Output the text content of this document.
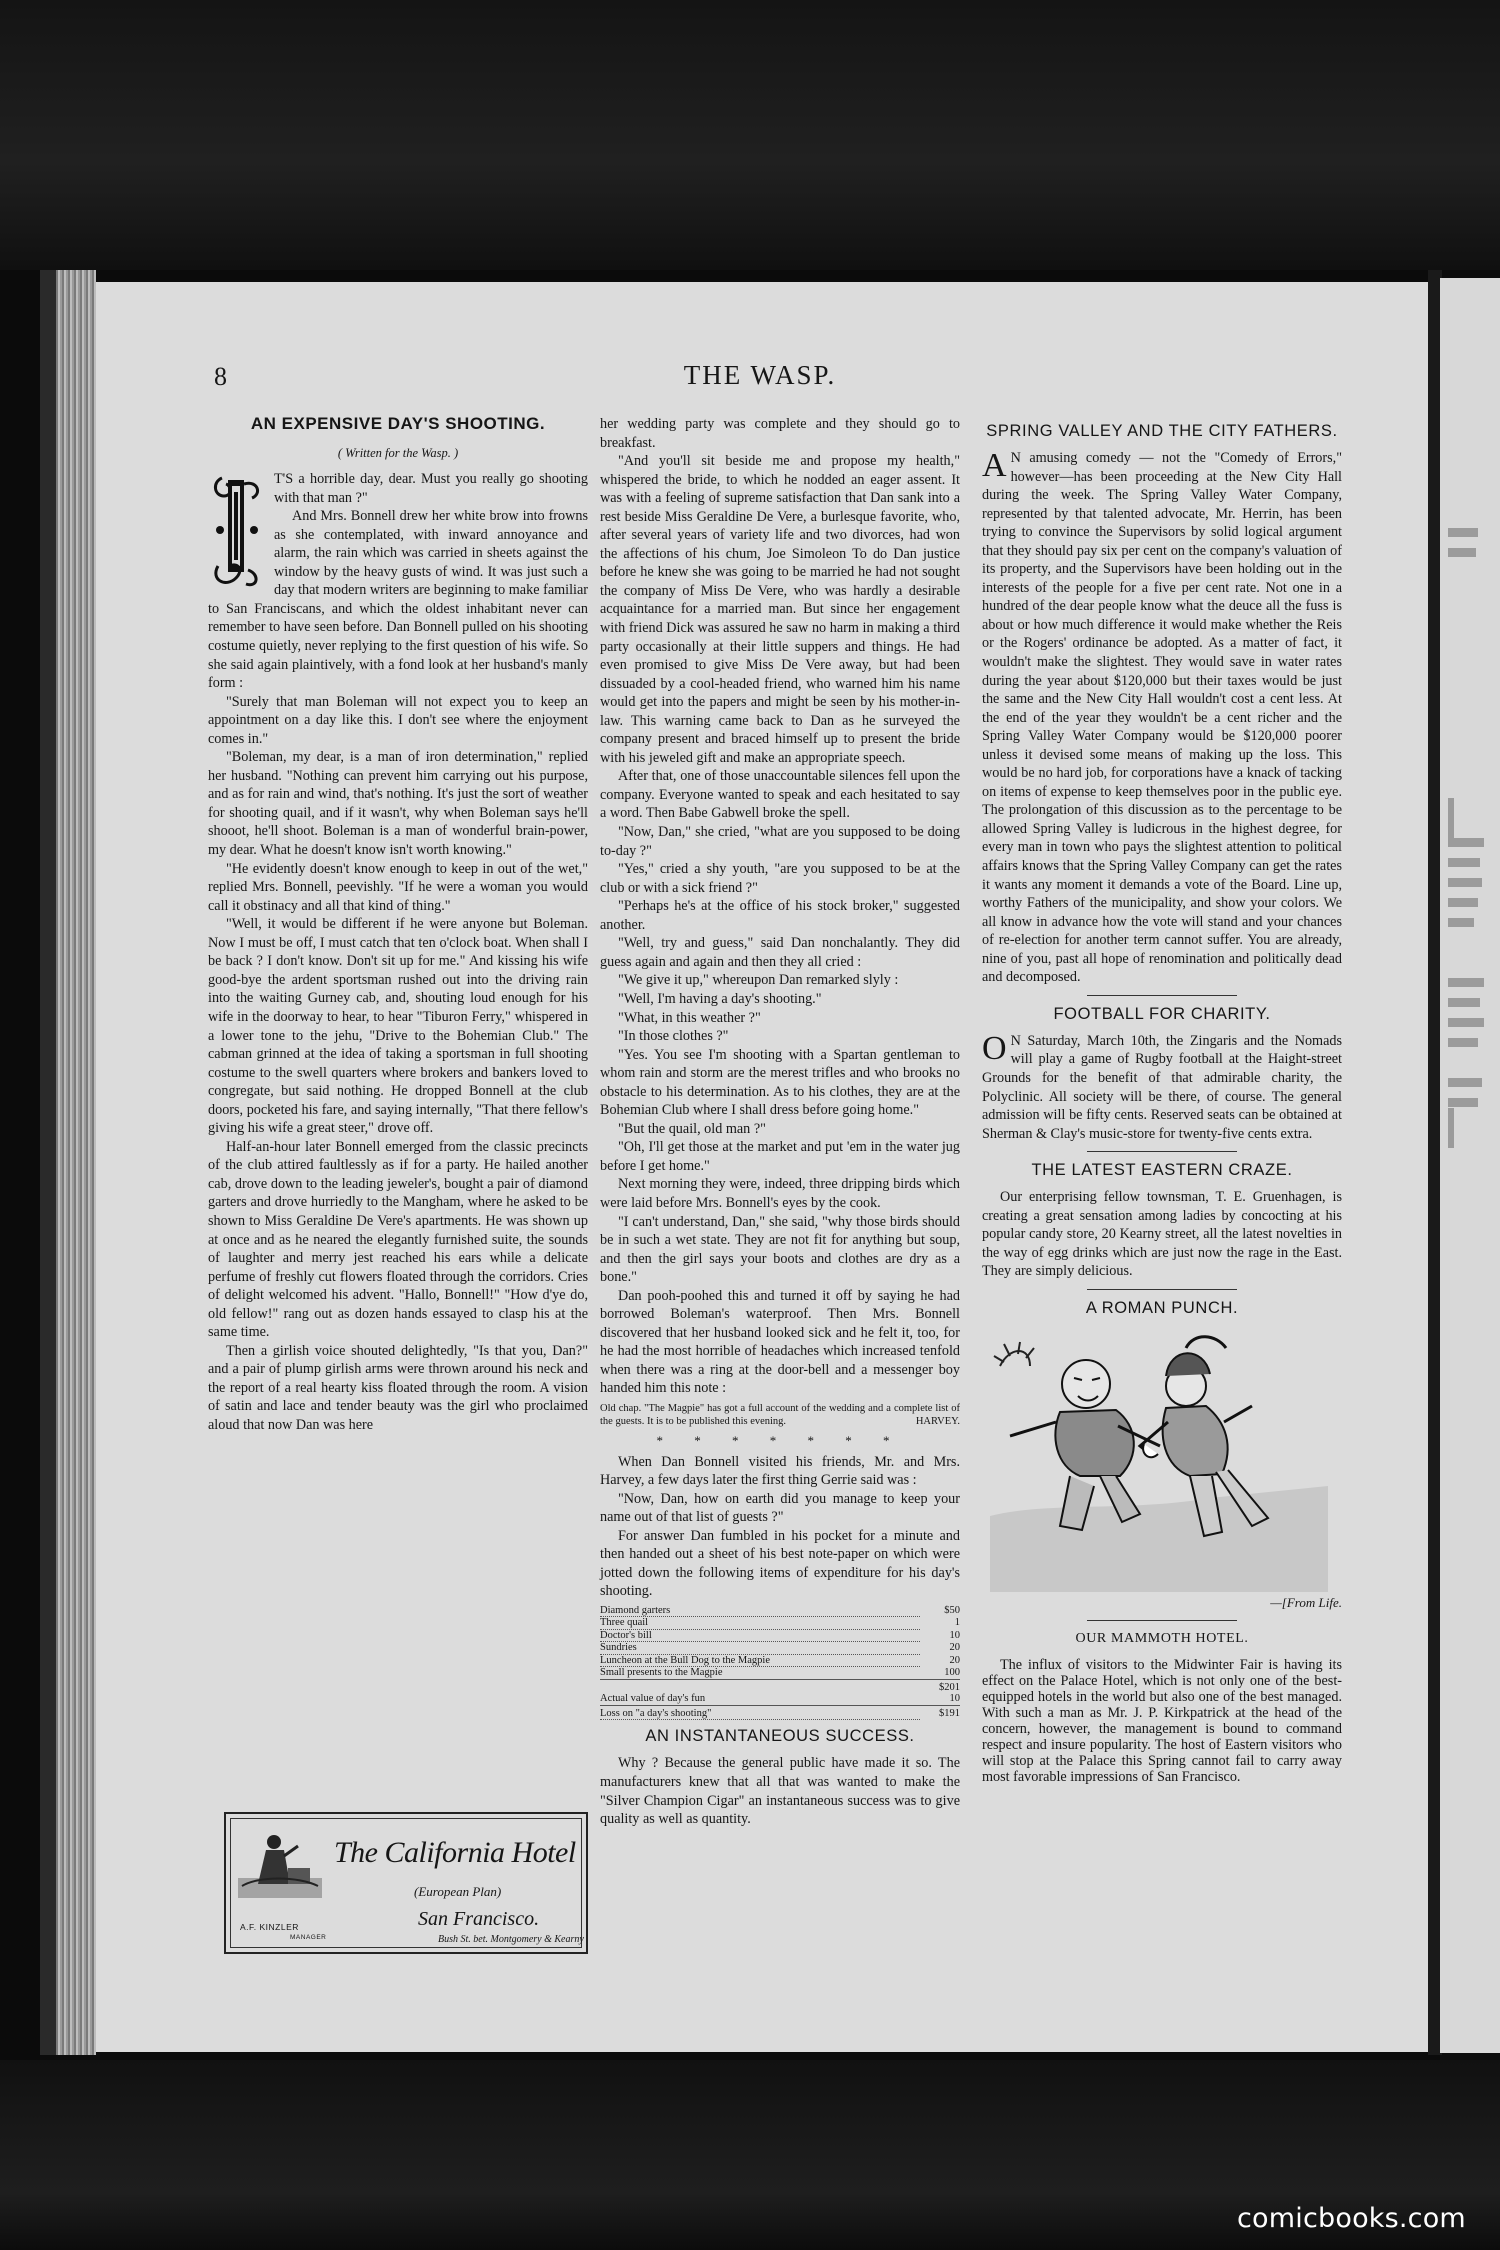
8	THE WASP.
AN EXPENSIVE DAY'S SHOOTING.
( Written for the Wasp. )

T'S a horrible day, dear. Must you really go shooting with that man ?"

And Mrs. Bonnell drew her white brow into frowns as she contemplated, with inward annoyance and alarm, the rain which was carried in sheets against the window by the heavy gusts of wind. It was just such a day that modern writers are beginning to make familiar to San Franciscans, and which the oldest inhabitant never can remember to have seen before. Dan Bonnell pulled on his shooting costume quietly, never replying to the first question of his wife. So she said again plaintively, with a fond look at her husband's manly form :

"Surely that man Boleman will not expect you to keep an appointment on a day like this. I don't see where the enjoyment comes in."

"Boleman, my dear, is a man of iron determination," replied her husband. "Nothing can prevent him carrying out his purpose, and as for rain and wind, that's nothing. It's just the sort of weather for shooting quail, and if it wasn't, why when Boleman says he'll shooot, he'll shoot. Boleman is a man of wonderful brain-power, my dear. What he doesn't know isn't worth knowing."

"He evidently doesn't know enough to keep in out of the wet," replied Mrs. Bonnell, peevishly. "If he were a woman you would call it obstinacy and all that kind of thing."

"Well, it would be different if he were anyone but Boleman. Now I must be off, I must catch that ten o'clock boat. When shall I be back ? I don't know. Don't sit up for me." And kissing his wife good-bye the ardent sportsman rushed out into the driving rain into the waiting Gurney cab, and, shouting loud enough for his wife in the doorway to hear, to hear "Tiburon Ferry," whispered in a lower tone to the jehu, "Drive to the Bohemian Club." The cabman grinned at the idea of taking a sportsman in full shooting costume to the swell quarters where brokers and bankers loved to congregate, but said nothing. He dropped Bonnell at the club doors, pocketed his fare, and saying internally, "That there fellow's giving his wife a great steer," drove off.

Half-an-hour later Bonnell emerged from the classic precincts of the club attired faultlessly as if for a party. He hailed another cab, drove down to the leading jeweler's, bought a pair of diamond garters and drove hurriedly to the Mangham, where he asked to be shown to Miss Geraldine De Vere's apartments. He was shown up at once and as he neared the elegantly furnished suite, the sounds of laughter and merry jest reached his ears while a delicate perfume of freshly cut flowers floated through the corridors. Cries of delight welcomed his advent. "Hallo, Bonnell!" "How d'ye do, old fellow!" rang out as dozen hands essayed to clasp his at the same time.

Then a girlish voice shouted delightedly, "Is that you, Dan?" and a pair of plump girlish arms were thrown around his neck and the report of a real hearty kiss floated through the room. A vision of satin and lace and tender beauty was the girl who proclaimed aloud that now Dan was here

The California Hotel
(European Plan)
San Francisco.
Bush St. bet. Montgomery & Kearny
A.F. KINZLER
MANAGER

her wedding party was complete and they should go to breakfast.

"And you'll sit beside me and propose my health," whispered the bride, to which he nodded an eager assent. It was with a feeling of supreme satisfaction that Dan sank into a rest beside Miss Geraldine De Vere, a burlesque favorite, who, after several years of variety life and two divorces, had won the affections of his chum, Joe Simoleon To do Dan justice before he knew she was going to be married he had not sought the company of Miss De Vere, who was hardly a desirable acquaintance for a married man. But since her engagement with friend Dick was assured he saw no harm in making a third party occasionally at their little suppers and things. He had even promised to give Miss De Vere away, but had been dissuaded by a cool-headed friend, who warned him his name would get into the papers and might be seen by his mother-in-law. This warning came back to Dan as he surveyed the company present and braced himself up to present the bride with his jeweled gift and make an appropriate speech.

After that, one of those unaccountable silences fell upon the company. Everyone wanted to speak and each hesitated to say a word. Then Babe Gabwell broke the spell.

"Now, Dan," she cried, "what are you supposed to be doing to-day ?"

"Yes," cried a shy youth, "are you supposed to be at the club or with a sick friend ?"

"Perhaps he's at the office of his stock broker," suggested another.

"Well, try and guess," said Dan nonchalantly. They did guess again and again and then they all cried :

"We give it up," whereupon Dan remarked slyly :

"Well, I'm having a day's shooting."

"What, in this weather ?"

"In those clothes ?"

"Yes. You see I'm shooting with a Spartan gentleman to whom rain and storm are the merest trifles and who brooks no obstacle to his determination. As to his clothes, they are at the Bohemian Club where I shall dress before going home."

"But the quail, old man ?"

"Oh, I'll get those at the market and put 'em in the water jug before I get home."

Next morning they were, indeed, three dripping birds which were laid before Mrs. Bonnell's eyes by the cook.

"I can't understand, Dan," she said, "why those birds should be in such a wet state. They are not fit for anything but soup, and then the girl says your boots and clothes are dry as a bone."

Dan pooh-poohed this and turned it off by saying he had borrowed Boleman's waterproof. Then Mrs. Bonnell discovered that her husband looked sick and he felt it, too, for he had the most horrible of headaches which increased tenfold when there was a ring at the door-bell and a messenger boy handed him this note :

Old chap. "The Magpie" has got a full account of the wedding and a complete list of the guests. It is to be published this evening.	HARVEY.
* * * * * * *

When Dan Bonnell visited his friends, Mr. and Mrs. Harvey, a few days later the first thing Gerrie said was :

"Now, Dan, how on earth did you manage to keep your name out of that list of guests ?"

For answer Dan fumbled in his pocket for a minute and then handed out a sheet of his best note-paper on which were jotted down the following items of expenditure for his day's shooting.

Diamond garters	$50
Three quail	1
Doctor's bill	10
Sundries	20
Luncheon at the Bull Dog to the Magpie	20
Small presents to the Magpie	100

	$201
Actual value of day's fun	10

Loss on "a day's shooting"	$191
AN INSTANTANEOUS SUCCESS.

Why ? Because the general public have made it so. The manufacturers knew that all that was wanted to make the "Silver Champion Cigar" an instantaneous success was to give quality as well as quantity.

SPRING VALLEY AND THE CITY FATHERS.

A N amusing comedy — not the "Comedy of Errors," however—has been proceeding at the New City Hall during the week. The Spring Valley Water Company, represented by that talented advocate, Mr. Herrin, has been trying to convince the Supervisors by solid logical argument that they should pay six per cent on the company's valuation of its property, and the Supervisors have been holding out in the interests of the people for a five per cent rate. Not one in a hundred of the dear people know what the deuce all the fuss is about or how much difference it would make whether the Reis or the Rogers' ordinance be adopted. As a matter of fact, it wouldn't make the slightest. They would save in water rates during the year about $120,000 but their taxes would be just the same and the New City Hall wouldn't cost a cent less. At the end of the year they wouldn't be a cent richer and the Spring Valley Water Company would be $120,000 poorer unless it devised some means of making up the loss. This would be no hard job, for corporations have a knack of tacking on items of expense to keep themselves poor in the public eye. The prolongation of this discussion as to the percentage to be allowed Spring Valley is ludicrous in the highest degree, for every man in town who pays the slightest attention to political affairs knows that the Spring Valley Company can get the rates it wants any moment it demands a vote of the Board. Line up, worthy Fathers of the municipality, and show your colors. We all know in advance how the vote will stand and your chances of re-election for another term cannot suffer. You are already, nine of you, past all hope of renomination and politically dead and decomposed.

FOOTBALL FOR CHARITY.

O N Saturday, March 10th, the Zingaris and the Nomads will play a game of Rugby football at the Haight-street Grounds for the benefit of that admirable charity, the Polyclinic. All society will be there, of course. The general admission will be fifty cents. Reserved seats can be obtained at Sherman & Clay's music-store for twenty-five cents extra.

THE LATEST EASTERN CRAZE.

Our enterprising fellow townsman, T. E. Gruenhagen, is creating a great sensation among ladies by concocting at his popular candy store, 20 Kearny street, all the latest novelties in the way of egg drinks which are just now the rage in the East. They are simply delicious.

A ROMAN PUNCH.
—[From Life.
OUR MAMMOTH HOTEL.

The influx of visitors to the Midwinter Fair is having its effect on the Palace Hotel, which is not only one of the best-equipped hotels in the world but also one of the best managed. With such a man as Mr. J. P. Kirkpatrick at the head of the concern, however, the management is bound to command respect and insure popularity. The host of Eastern visitors who will stop at the Palace this Spring cannot fail to carry away most favorable impressions of San Francisco.

comicbooks.com
